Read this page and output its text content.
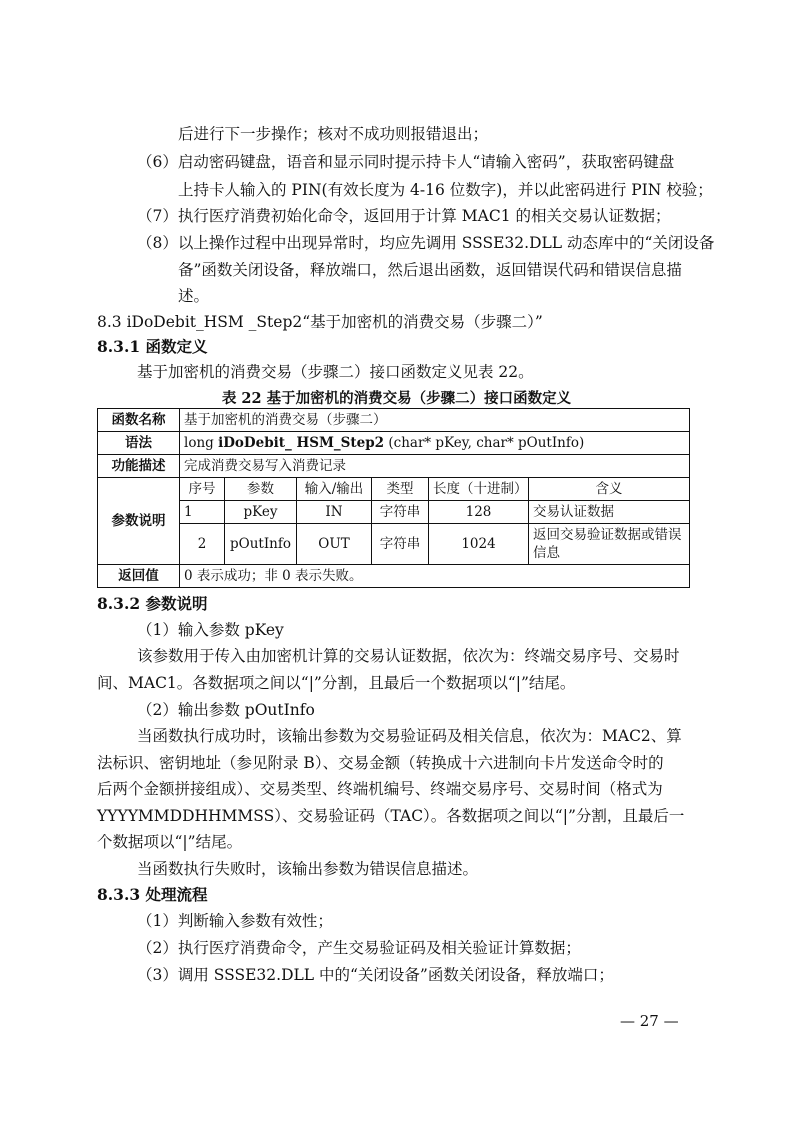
后进行下一步操作；核对不成功则报错退出；
（6）启动密码键盘，语音和显示同时提示持卡人“请输入密码”，获取密码键盘
上持卡人输入的 PIN(有效长度为 4-16 位数字)，并以此密码进行 PIN 校验；
（7）执行医疗消费初始化命令，返回用于计算 MAC1 的相关交易认证数据；
（8）以上操作过程中出现异常时，均应先调用 SSSE32.DLL 动态库中的“关闭设备
备”函数关闭设备，释放端口，然后退出函数，返回错误代码和错误信息描
述。
8.3 iDoDebit_HSM _Step2“基于加密机的消费交易（步骤二）”
8.3.1 函数定义
基于加密机的消费交易（步骤二）接口函数定义见表 22。
表 22 基于加密机的消费交易（步骤二）接口函数定义
函数名称	基于加密机的消费交易（步骤二）					
语法	long iDoDebit_ HSM_Step2 (char* pKey, char* pOutInfo)					
功能描述	完成消费交易写入消费记录					
参数说明	序号	参数	输入/输出	类型	长度（十进制）	含义
	1	pKey	IN	字符串	128	交易认证数据
	2	pOutInfo	OUT	字符串	1024	返回交易验证数据或错误信息
返回值	0 表示成功；非 0 表示失败。					
8.3.2 参数说明
（1）输入参数 pKey
该参数用于传入由加密机计算的交易认证数据，依次为：终端交易序号、交易时
间、MAC1。各数据项之间以“|”分割，且最后一个数据项以“|”结尾。
（2）输出参数 pOutInfo
当函数执行成功时，该输出参数为交易验证码及相关信息，依次为：MAC2、算
法标识、密钥地址（参见附录 B）、交易金额（转换成十六进制向卡片发送命令时的
后两个金额拼接组成）、交易类型、终端机编号、终端交易序号、交易时间（格式为
YYYYMMDDHHMMSS）、交易验证码（TAC）。各数据项之间以“|”分割，且最后一
个数据项以“|”结尾。
当函数执行失败时，该输出参数为错误信息描述。
8.3.3 处理流程
（1）判断输入参数有效性；
（2）执行医疗消费命令，产生交易验证码及相关验证计算数据；
（3）调用 SSSE32.DLL 中的“关闭设备”函数关闭设备，释放端口；
— 27 —
